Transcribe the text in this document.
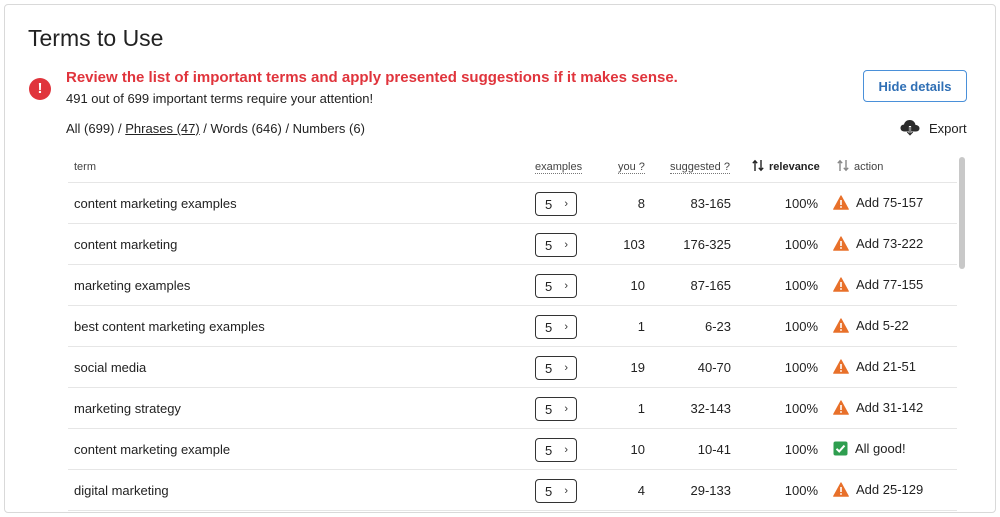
Terms to Use
!
Review the list of important terms and apply presented suggestions if it makes sense.
491 out of 699 important terms require your attention!
Hide details
All (699) / Phrases (47) / Words (646) / Numbers (6)	Export
term	examples	you ? suggested ?	relevance	action
content marketing examples	5 ›	8	83-165	100%	Add 75-157
content marketing	5 ›	103	176-325	100%	Add 73-222
marketing examples	5 ›	10	87-165	100%	Add 77-155
best content marketing examples	5 ›	1	6-23	100%	Add 5-22
social media	5 ›	19	40-70	100%	Add 21-51
marketing strategy	5 ›	1	32-143	100%	Add 31-142
content marketing example	5 ›	10	10-41	100%	All good!
digital marketing	5 ›	4	29-133	100%	Add 25-129
